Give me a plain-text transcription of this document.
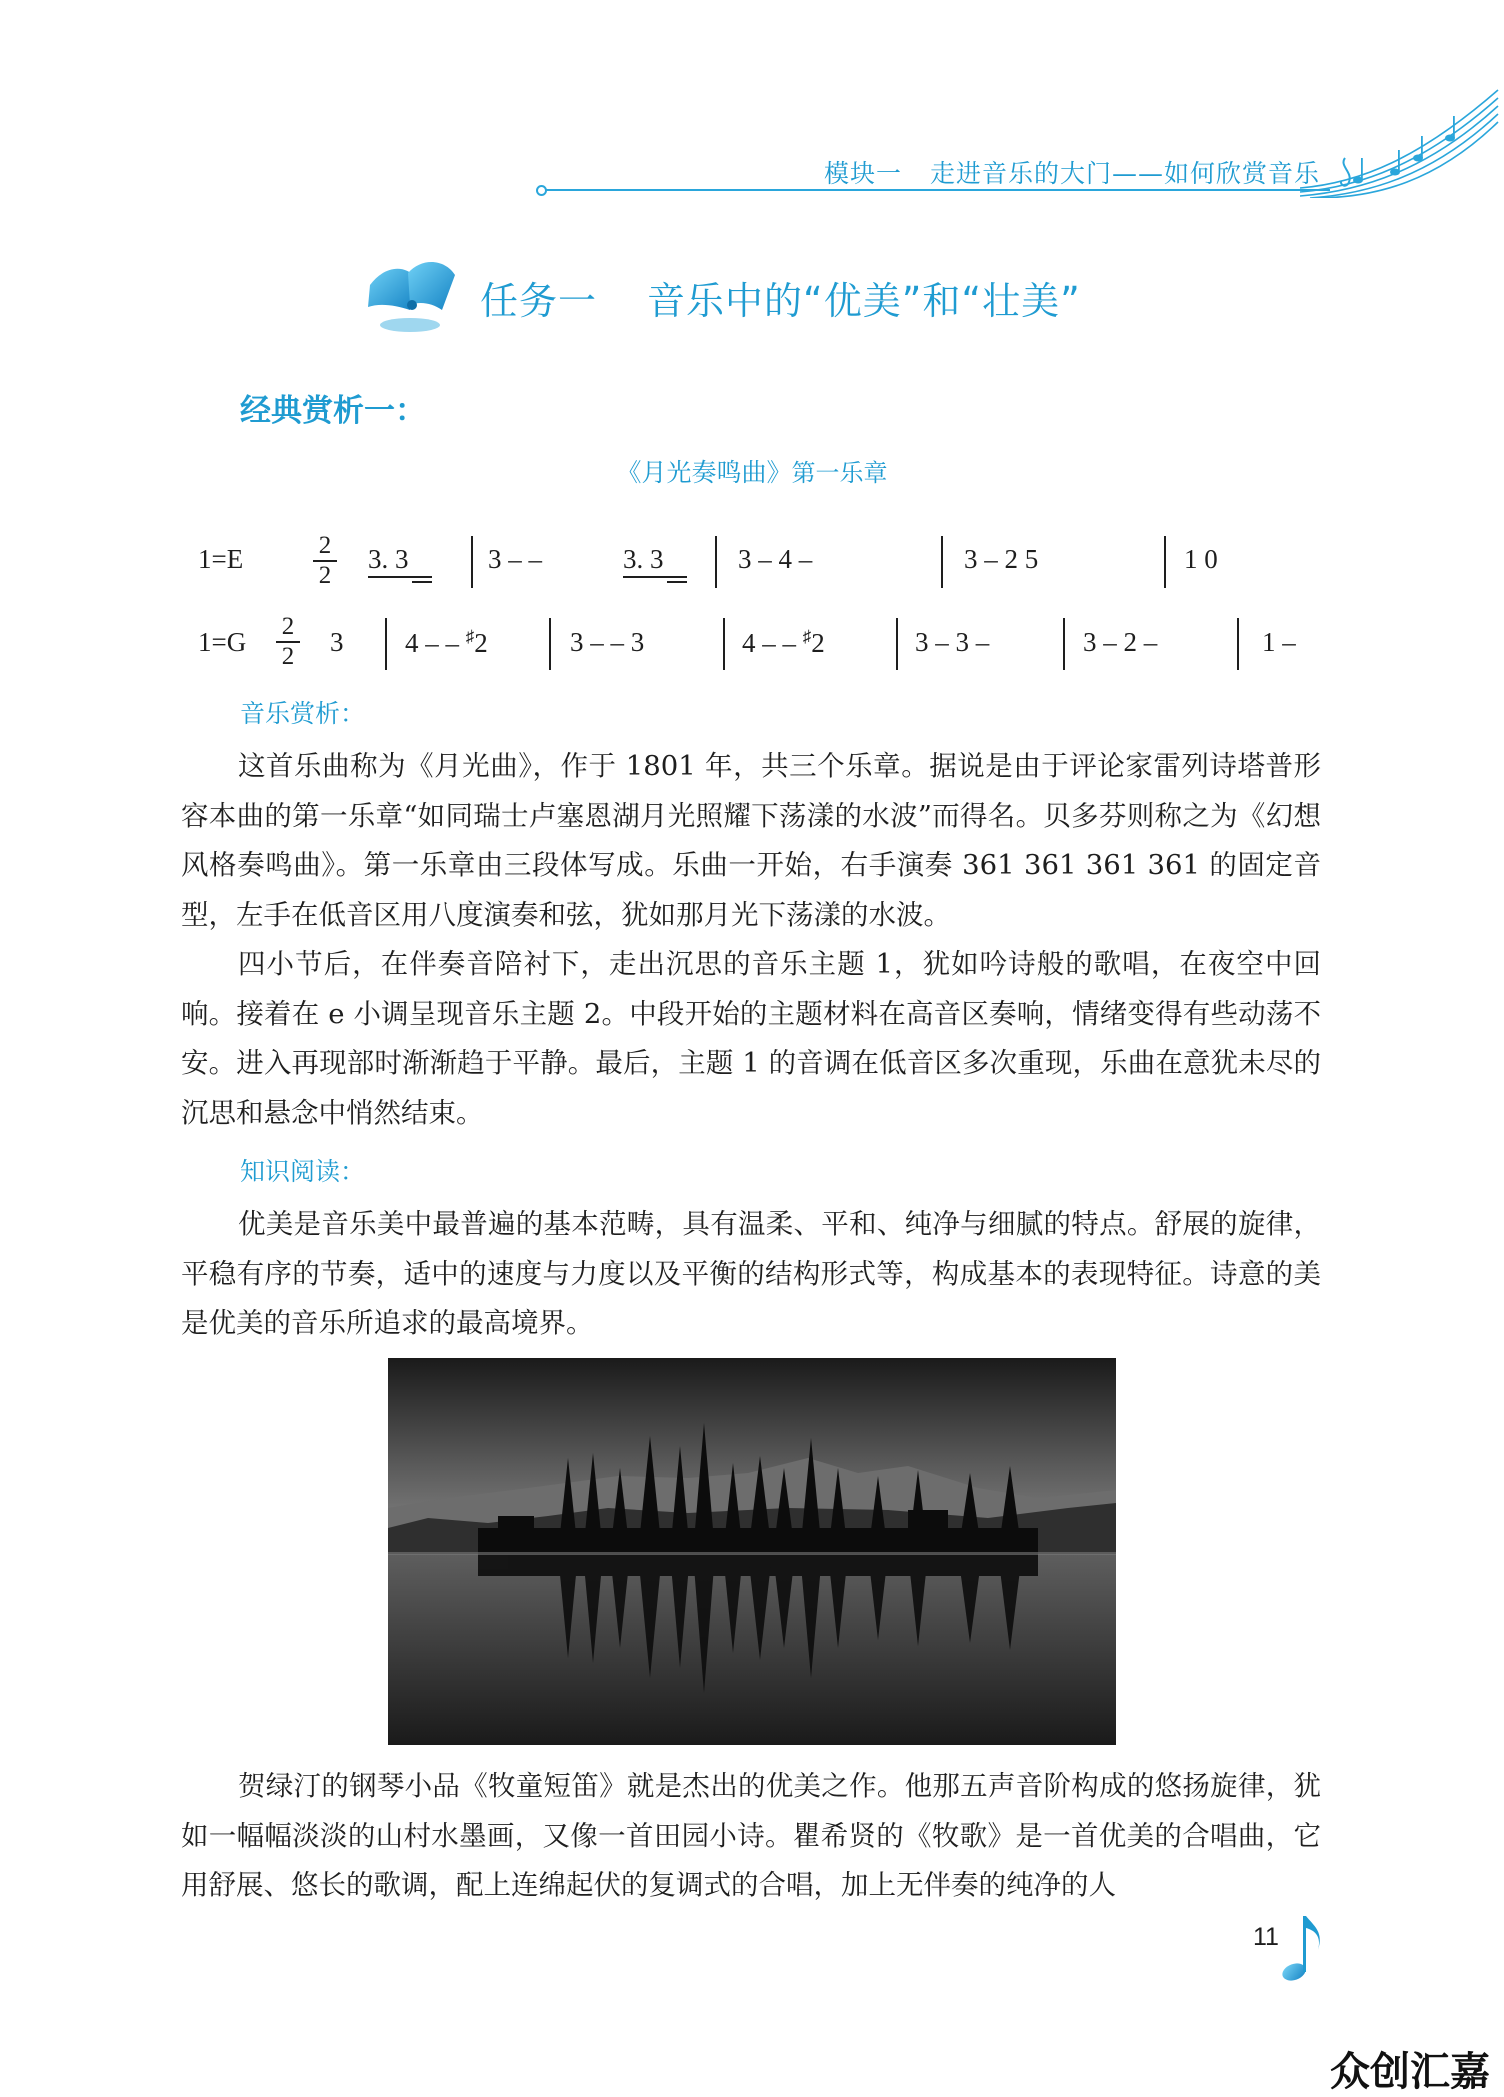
模块一 走进音乐的大门——如何欣赏音乐
任务一 音乐中的“优美”和“壮美”
经典赏析一：
《月光奏鸣曲》第一乐章
1=E	2
2
3. 3	3 – –	3. 3	3 – 4 –	3 – 2 5	1 0
1=G
2
2 3 4 – – ♯2	3 – – 3	4 – – ♯2	3 – 3 –	3 – 2 –	1 –
音乐赏析：
这首乐曲称为《月光曲》，作于 1801 年，共三个乐章。据说是由于评论家雷列诗塔普形容本曲的第一乐章“如同瑞士卢塞恩湖月光照耀下荡漾的水波”而得名。贝多芬则称之为《幻想风格奏鸣曲》。第一乐章由三段体写成。乐曲一开始，右手演奏 361 361 361 361 的固定音型，左手在低音区用八度演奏和弦，犹如那月光下荡漾的水波。
四小节后，在伴奏音陪衬下，走出沉思的音乐主题 1，犹如吟诗般的歌唱，在夜空中回响。接着在 e 小调呈现音乐主题 2。中段开始的主题材料在高音区奏响，情绪变得有些动荡不安。进入再现部时渐渐趋于平静。最后，主题 1 的音调在低音区多次重现，乐曲在意犹未尽的沉思和悬念中悄然结束。
知识阅读：
优美是音乐美中最普遍的基本范畴，具有温柔、平和、纯净与细腻的特点。舒展的旋律，平稳有序的节奏，适中的速度与力度以及平衡的结构形式等，构成基本的表现特征。诗意的美是优美的音乐所追求的最高境界。
贺绿汀的钢琴小品《牧童短笛》就是杰出的优美之作。他那五声音阶构成的悠扬旋律，犹如一幅幅淡淡的山村水墨画，又像一首田园小诗。瞿希贤的《牧歌》是一首优美的合唱曲，它用舒展、悠长的歌调，配上连绵起伏的复调式的合唱，加上无伴奏的纯净的人
11
众创汇嘉
